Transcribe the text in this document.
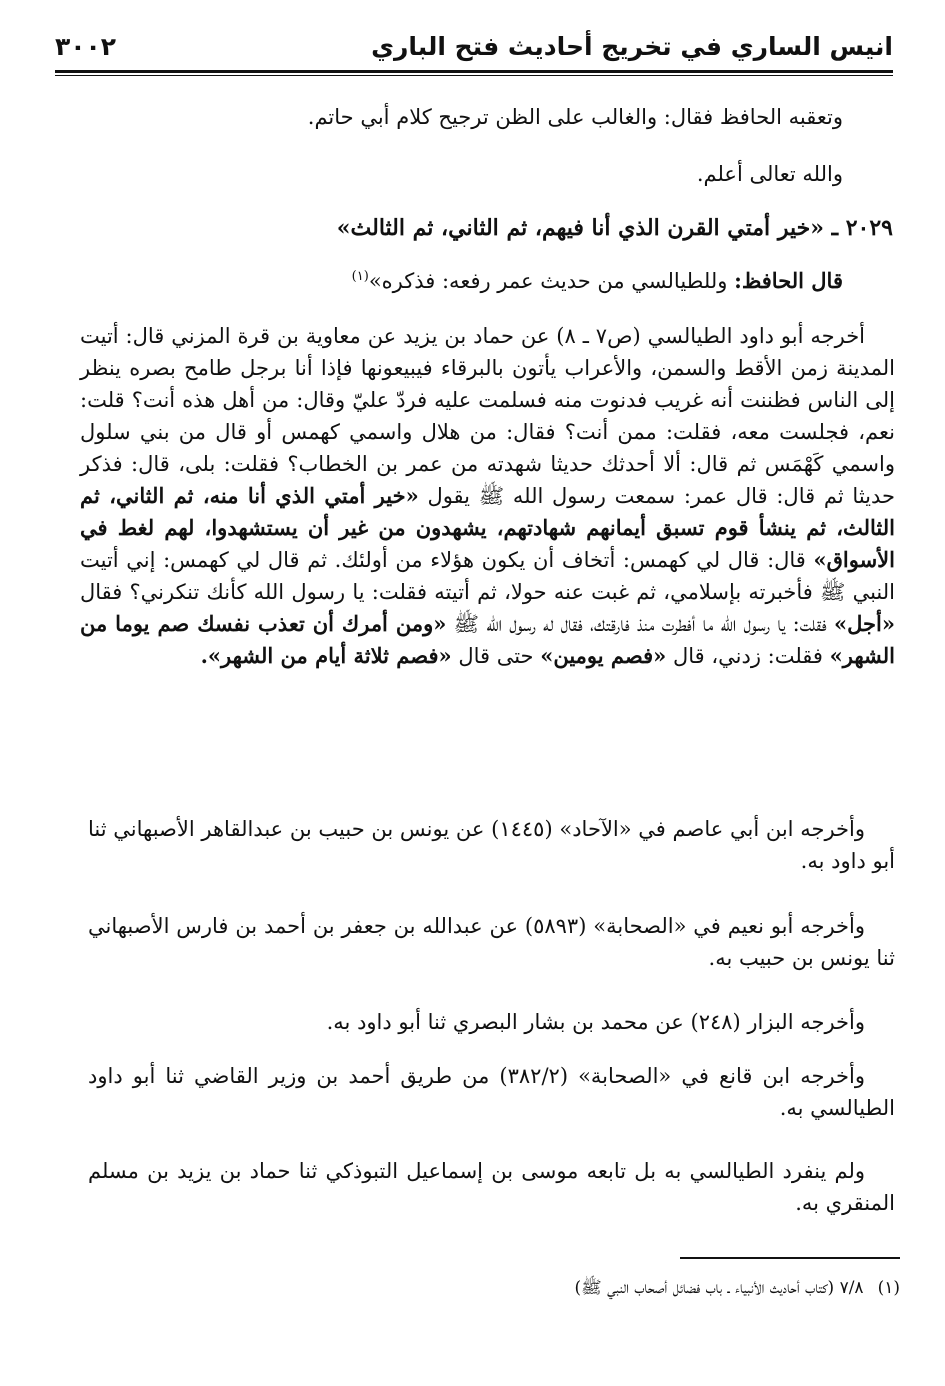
انيس الساري في تخريج أحاديث فتح الباري
٣٠٠٢

وتعقبه الحافظ فقال: والغالب على الظن ترجيح كلام أبي حاتم.

والله تعالى أعلم.

٢٠٢٩ ـ «خير أمتي القرن الذي أنا فيهم، ثم الثاني، ثم الثالث»

قال الحافظ: وللطيالسي من حديث عمر رفعه: فذكره»$^{(١)}$

أخرجه أبو داود الطيالسي (ص٧ ـ ٨) عن حماد بن يزيد عن معاوية بن قرة المزني قال: أتيت المدينة زمن الأقط والسمن، والأعراب يأتون بالبرقاء فيبيعونها فإذا أنا برجل طامح بصره ينظر إلى الناس فظننت أنه غريب فدنوت منه فسلمت عليه فردّ عليّ وقال: من أهل هذه أنت؟ قلت: نعم، فجلست معه، فقلت: ممن أنت؟ فقال: من هلال واسمي كهمس أو قال من بني سلول واسمي كَهْمَس ثم قال: ألا أحدثك حديثا شهدته من عمر بن الخطاب؟ فقلت: بلى، قال: فذكر حديثا ثم قال: قال عمر: سمعت رسول الله ﷺ يقول «خير أمتي الذي أنا منه، ثم الثاني، ثم الثالث، ثم ينشأ قوم تسبق أيمانهم شهادتهم، يشهدون من غير أن يستشهدوا، لهم لغط في الأسواق» قال: قال لي كهمس: أتخاف أن يكون هؤلاء من أولئك. ثم قال لي كهمس: إني أتيت النبي ﷺ فأخبرته بإسلامي، ثم غبت عنه حولا، ثم أتيته فقلت: يا رسول الله كأنك تنكرني؟ فقال «أجل» فقلت: يا رسول الله ما أفطرت منذ فارقتك، فقال له رسول الله ﷺ «ومن أمرك أن تعذب نفسك صم يوما من الشهر» فقلت: زدني، قال «فصم يومين» حتى قال «فصم ثلاثة أيام من الشهر».

وأخرجه ابن أبي عاصم في «الآحاد» (١٤٤٥) عن يونس بن حبيب بن عبدالقاهر الأصبهاني ثنا أبو داود به.

وأخرجه أبو نعيم في «الصحابة» (٥٨٩٣) عن عبدالله بن جعفر بن أحمد بن فارس الأصبهاني ثنا يونس بن حبيب به.

وأخرجه البزار (٢٤٨) عن محمد بن بشار البصري ثنا أبو داود به.

وأخرجه ابن قانع في «الصحابة» (٣٨٢/٢) من طريق أحمد بن وزير القاضي ثنا أبو داود الطيالسي به.

ولم ينفرد الطيالسي به بل تابعه موسى بن إسماعيل التبوذكي ثنا حماد بن يزيد بن مسلم المنقري به.

(١)٧/٨ (كتاب أحاديث الأنبياء ـ باب فضائل أصحاب النبي ﷺ)
